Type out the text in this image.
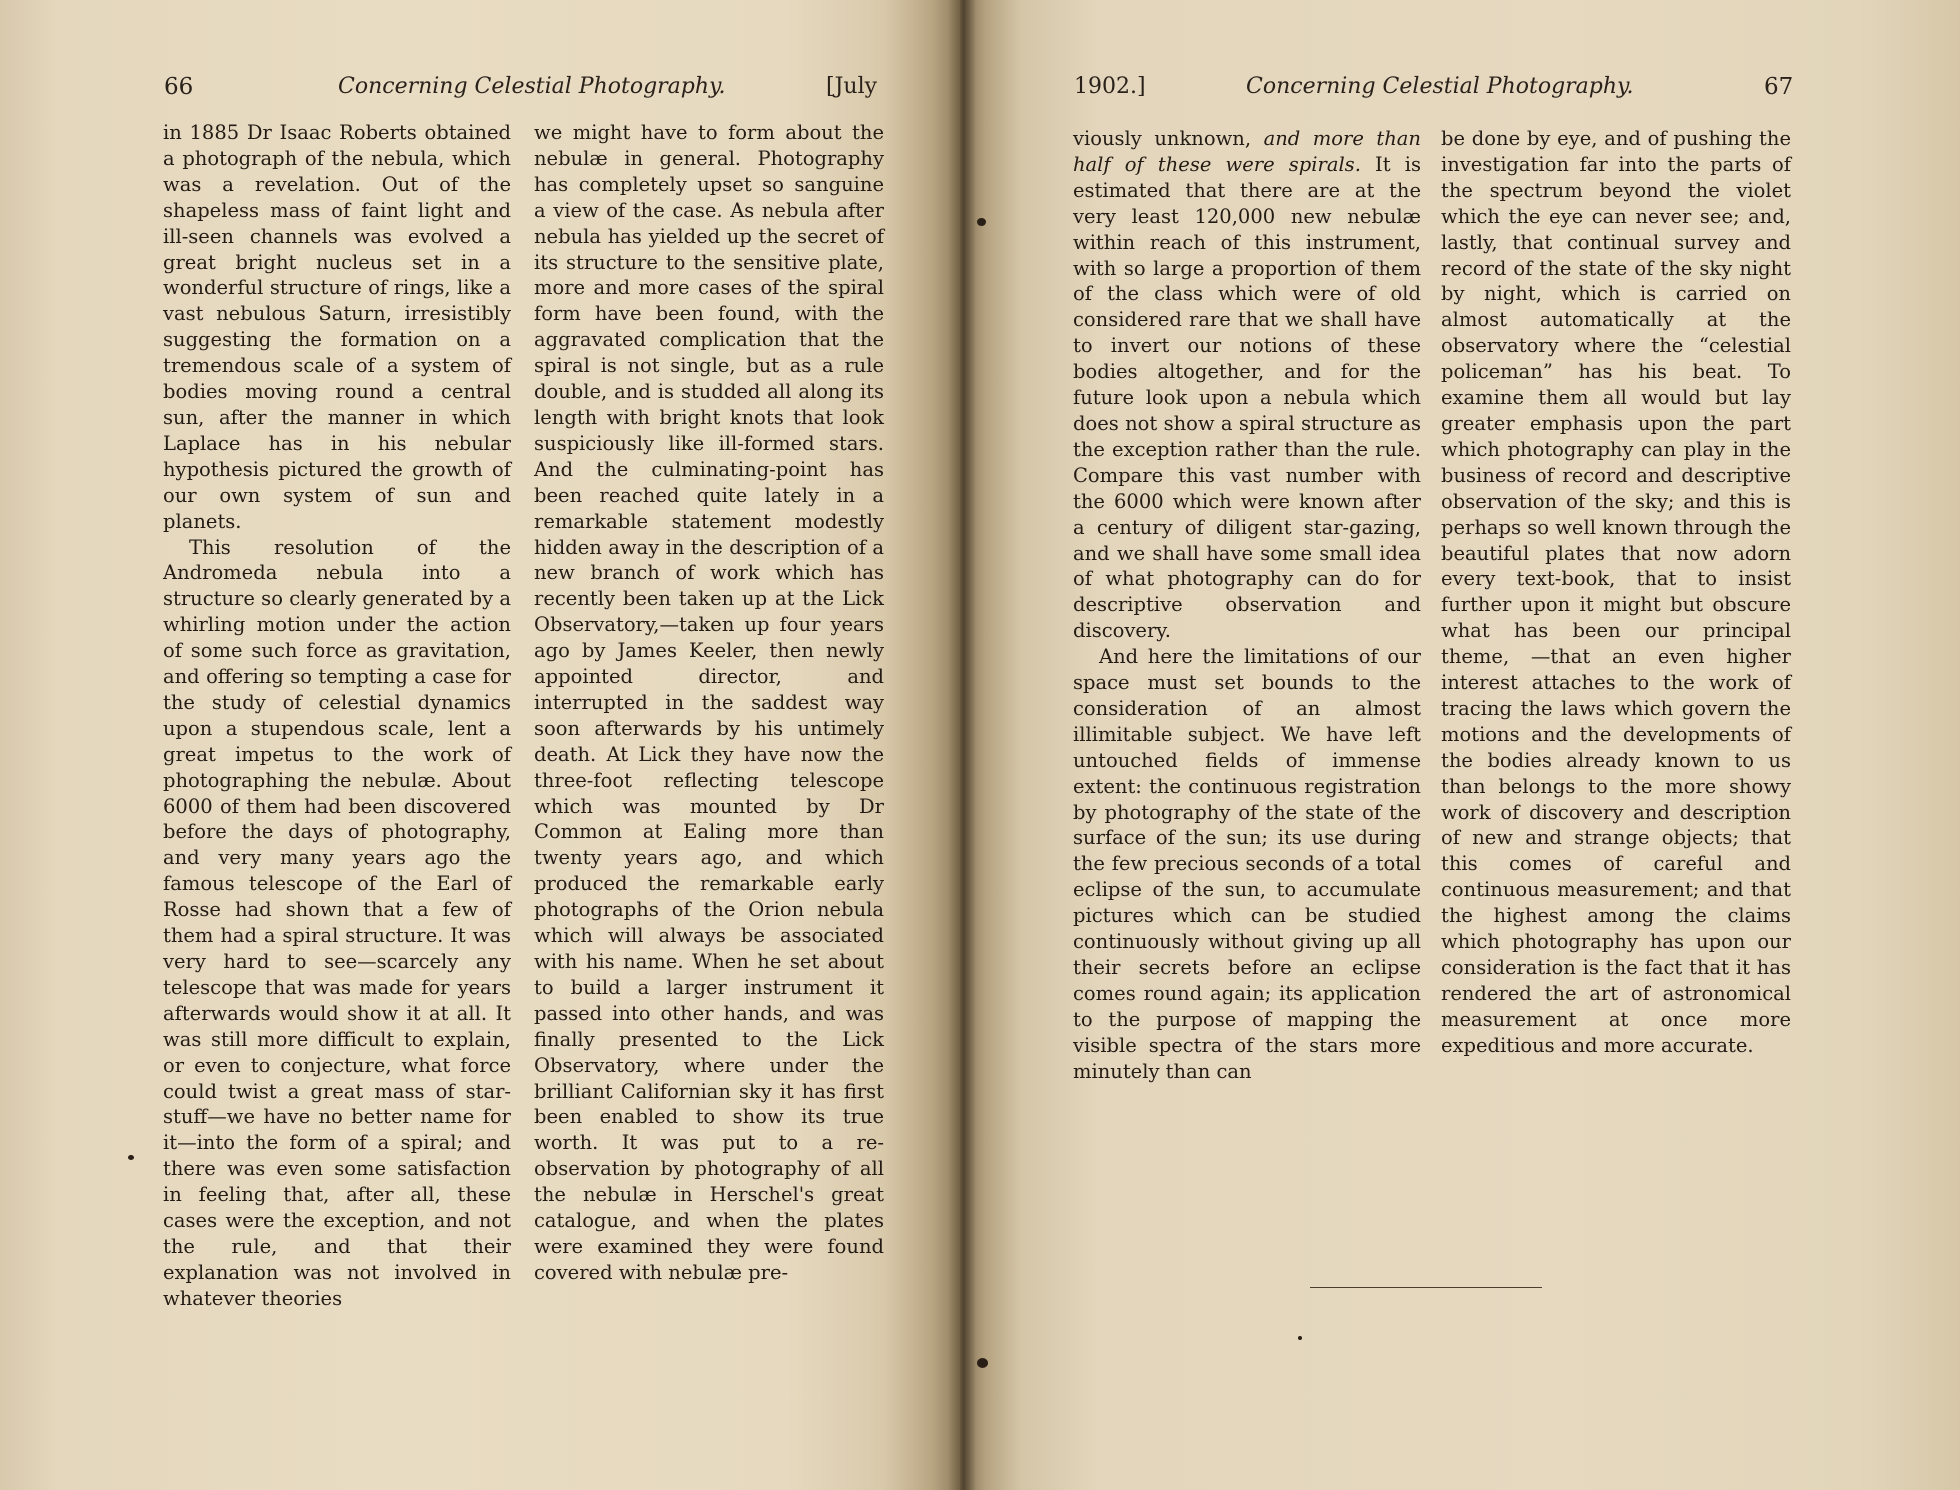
66	Concerning Celestial Photography.	[July

in 1885 Dr Isaac Roberts obtained a photograph of the nebula, which was a revelation. Out of the shapeless mass of faint light and ill-seen channels was evolved a great bright nucleus set in a wonderful structure of rings, like a vast nebulous Saturn, irresistibly suggesting the formation on a tremendous scale of a system of bodies moving round a central sun, after the manner in which Laplace has in his nebular hypothesis pictured the growth of our own system of sun and planets.

This resolution of the Andromeda nebula into a structure so clearly generated by a whirling motion under the action of some such force as gravitation, and offering so tempting a case for the study of celestial dynamics upon a stupendous scale, lent a great impetus to the work of photographing the nebulæ. About 6000 of them had been discovered before the days of photography, and very many years ago the famous telescope of the Earl of Rosse had shown that a few of them had a spiral structure. It was very hard to see—scarcely any telescope that was made for years afterwards would show it at all. It was still more difficult to explain, or even to conjecture, what force could twist a great mass of star-stuff—we have no better name for it—into the form of a spiral; and there was even some satisfaction in feeling that, after all, these cases were the exception, and not the rule, and that their explanation was not involved in whatever theories

we might have to form about the nebulæ in general. Photography has completely upset so sanguine a view of the case. As nebula after nebula has yielded up the secret of its structure to the sensitive plate, more and more cases of the spiral form have been found, with the aggravated complication that the spiral is not single, but as a rule double, and is studded all along its length with bright knots that look suspiciously like ill-formed stars. And the culminating-point has been reached quite lately in a remarkable statement modestly hidden away in the description of a new branch of work which has recently been taken up at the Lick Observatory,—taken up four years ago by James Keeler, then newly appointed director, and interrupted in the saddest way soon afterwards by his untimely death. At Lick they have now the three-foot reflecting telescope which was mounted by Dr Common at Ealing more than twenty years ago, and which produced the remarkable early photographs of the Orion nebula which will always be associated with his name. When he set about to build a larger instrument it passed into other hands, and was finally presented to the Lick Observatory, where under the brilliant Californian sky it has first been enabled to show its true worth. It was put to a re-observation by photography of all the nebulæ in Herschel's great catalogue, and when the plates were examined they were found covered with nebulæ pre-

1902.]	Concerning Celestial Photography.	67

viously unknown, and more than half of these were spirals. It is estimated that there are at the very least 120,000 new nebulæ within reach of this instrument, with so large a proportion of them of the class which were of old considered rare that we shall have to invert our notions of these bodies altogether, and for the future look upon a nebula which does not show a spiral structure as the exception rather than the rule. Compare this vast number with the 6000 which were known after a century of diligent star-gazing, and we shall have some small idea of what photography can do for descriptive observation and discovery.

And here the limitations of our space must set bounds to the consideration of an almost illimitable subject. We have left untouched fields of immense extent: the continuous registration by photography of the state of the surface of the sun; its use during the few precious seconds of a total eclipse of the sun, to accumulate pictures which can be studied continuously without giving up all their secrets before an eclipse comes round again; its application to the purpose of mapping the visible spectra of the stars more minutely than can

be done by eye, and of pushing the investigation far into the parts of the spectrum beyond the violet which the eye can never see; and, lastly, that continual survey and record of the state of the sky night by night, which is carried on almost automatically at the observatory where the “celestial policeman” has his beat. To examine them all would but lay greater emphasis upon the part which photography can play in the business of record and descriptive observation of the sky; and this is perhaps so well known through the beautiful plates that now adorn every text-book, that to insist further upon it might but obscure what has been our principal theme, —that an even higher interest attaches to the work of tracing the laws which govern the motions and the developments of the bodies already known to us than belongs to the more showy work of discovery and description of new and strange objects; that this comes of careful and continuous measurement; and that the highest among the claims which photography has upon our consideration is the fact that it has rendered the art of astronomical measurement at once more expeditious and more accurate.
